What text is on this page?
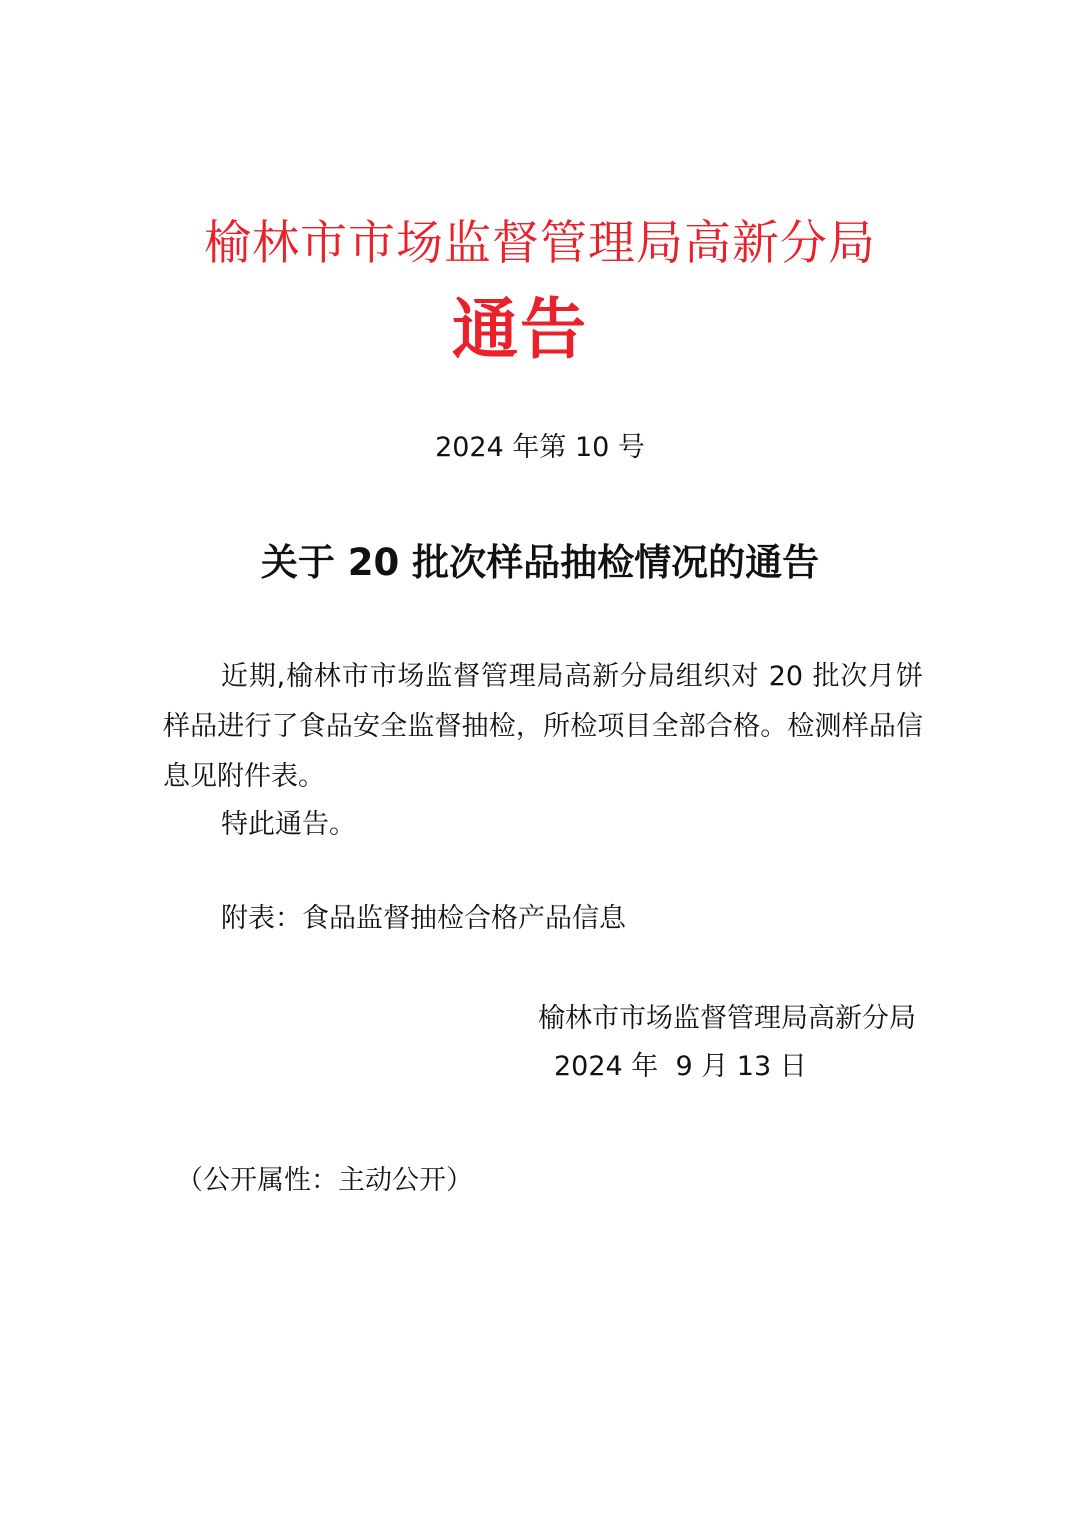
榆林市市场监督管理局高新分局
通告
2024 年第 10 号
关于 20 批次样品抽检情况的通告
近期,榆林市市场监督管理局高新分局组织对 20 批次月饼样品进行了食品安全监督抽检，所检项目全部合格。检测样品信息见附件表。
特此通告。
附表：食品监督抽检合格产品信息
榆林市市场监督管理局高新分局
2024 年  9 月 13 日
（公开属性：主动公开）
